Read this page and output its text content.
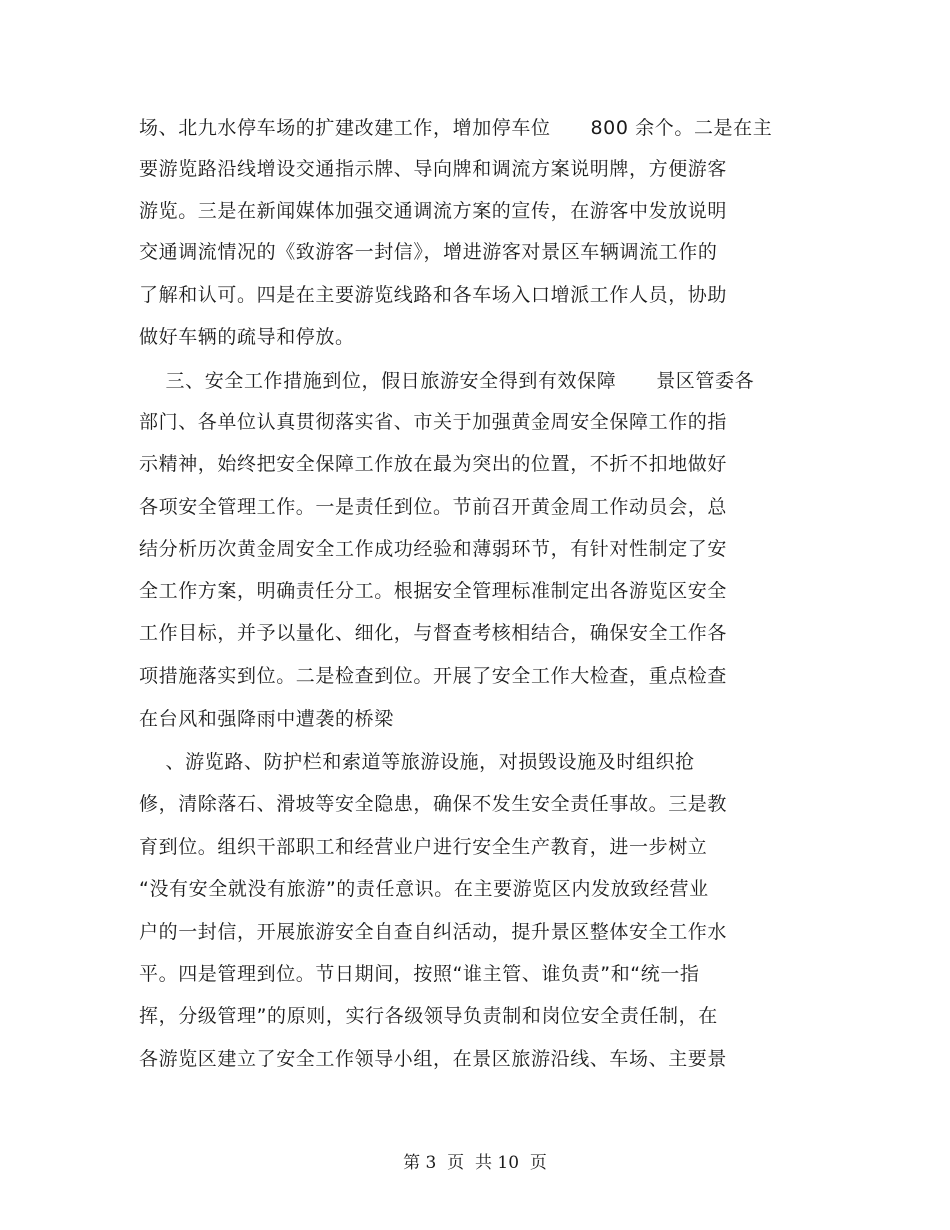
场、北九水停车场的扩建改建工作，增加停车位      800 余个。二是在主
要游览路沿线增设交通指示牌、导向牌和调流方案说明牌，方便游客
游览。三是在新闻媒体加强交通调流方案的宣传，在游客中发放说明
交通调流情况的《致游客一封信》，增进游客对景区车辆调流工作的
了解和认可。四是在主要游览线路和各车场入口增派工作人员，协助
做好车辆的疏导和停放。
三、安全工作措施到位，假日旅游安全得到有效保障      景区管委各
部门、各单位认真贯彻落实省、市关于加强黄金周安全保障工作的指
示精神，始终把安全保障工作放在最为突出的位置，不折不扣地做好
各项安全管理工作。一是责任到位。节前召开黄金周工作动员会，总
结分析历次黄金周安全工作成功经验和薄弱环节，有针对性制定了安
全工作方案，明确责任分工。根据安全管理标准制定出各游览区安全
工作目标，并予以量化、细化，与督查考核相结合，确保安全工作各
项措施落实到位。二是检查到位。开展了安全工作大检查，重点检查
在台风和强降雨中遭袭的桥梁
、游览路、防护栏和索道等旅游设施，对损毁设施及时组织抢
修，清除落石、滑坡等安全隐患，确保不发生安全责任事故。三是教
育到位。组织干部职工和经营业户进行安全生产教育，进一步树立
“没有安全就没有旅游”的责任意识。在主要游览区内发放致经营业
户的一封信，开展旅游安全自查自纠活动，提升景区整体安全工作水
平。四是管理到位。节日期间，按照“谁主管、谁负责”和“统一指
挥，分级管理”的原则，实行各级领导负责制和岗位安全责任制，在
各游览区建立了安全工作领导小组，在景区旅游沿线、车场、主要景
第 3  页  共 10  页
